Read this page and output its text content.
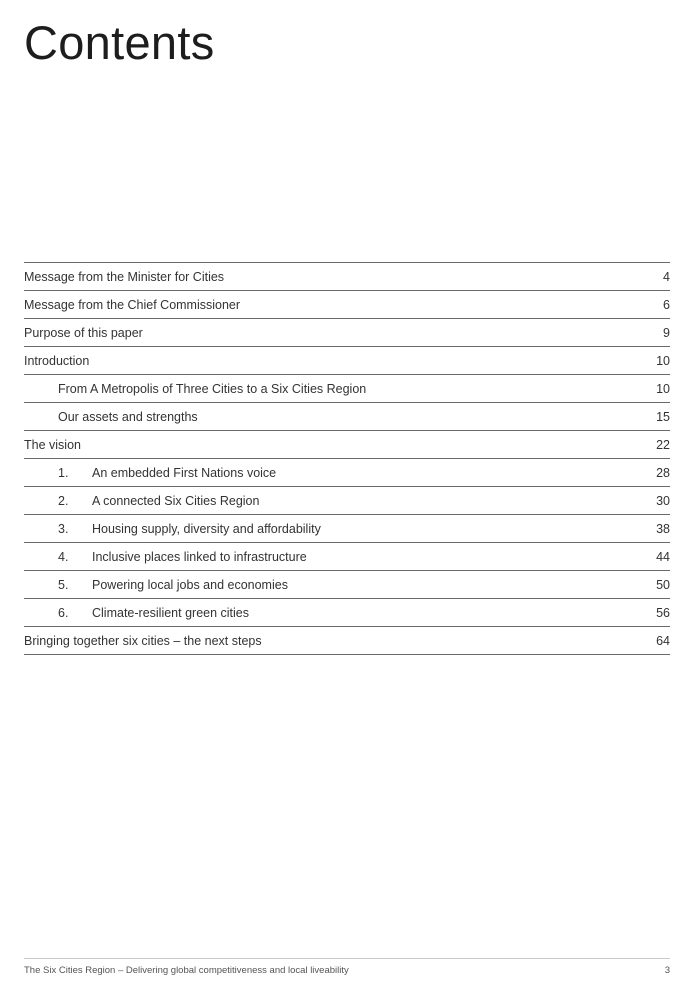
Contents
Message from the Minister for Cities	4
Message from the Chief Commissioner	6
Purpose of this paper	9
Introduction	10
From A Metropolis of Three Cities to a Six Cities Region	10
Our assets and strengths	15
The vision	22
1.	An embedded First Nations voice	28
2.	A connected Six Cities Region	30
3.	Housing supply, diversity and affordability	38
4.	Inclusive places linked to infrastructure	44
5.	Powering local jobs and economies	50
6.	Climate-resilient green cities	56
Bringing together six cities – the next steps	64
The Six Cities Region – Delivering global competitiveness and local liveability	3
